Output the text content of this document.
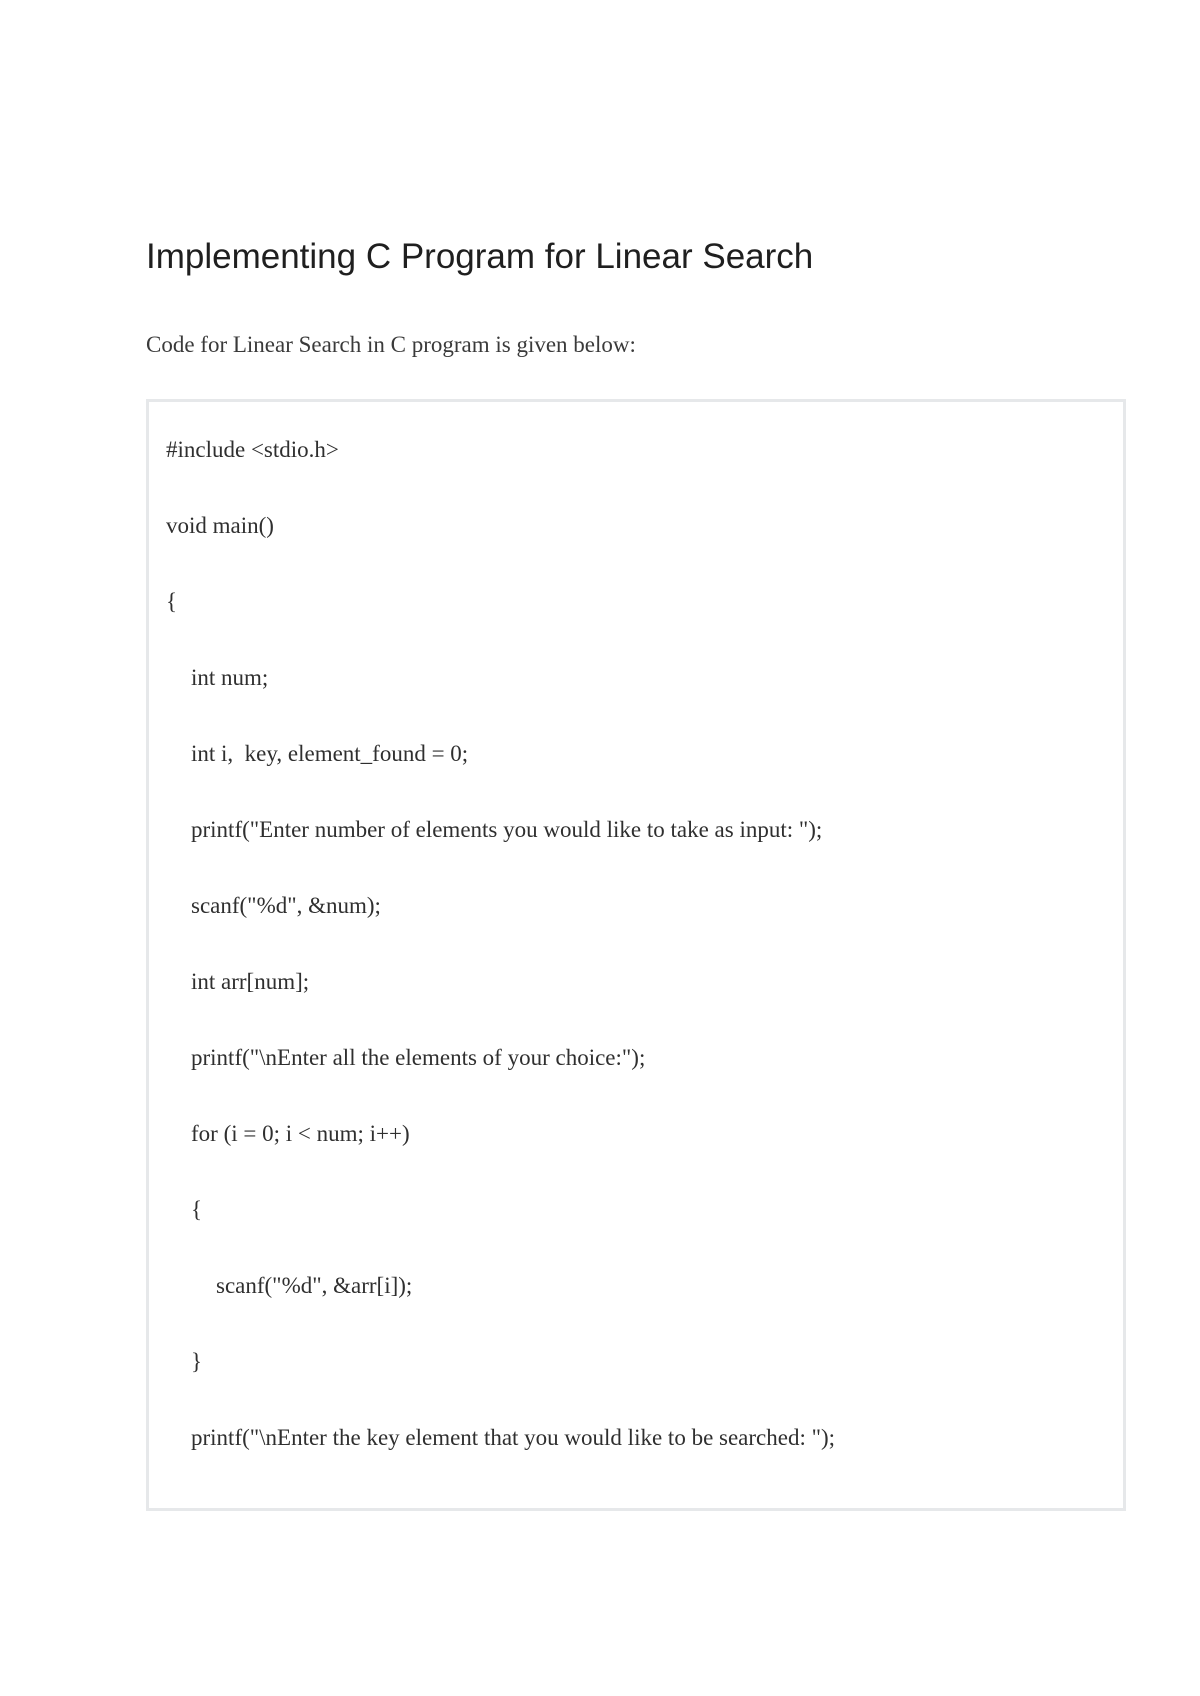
Implementing C Program for Linear Search

Code for Linear Search in C program is given below:

#include <stdio.h>
void main()
{
int num;
int i,  key, element_found = 0;
printf("Enter number of elements you would like to take as input: ");
scanf("%d", &num);
int arr[num];
printf("\nEnter all the elements of your choice:");
for (i = 0; i < num; i++)
{
scanf("%d", &arr[i]);
}
printf("\nEnter the key element that you would like to be searched: ");
